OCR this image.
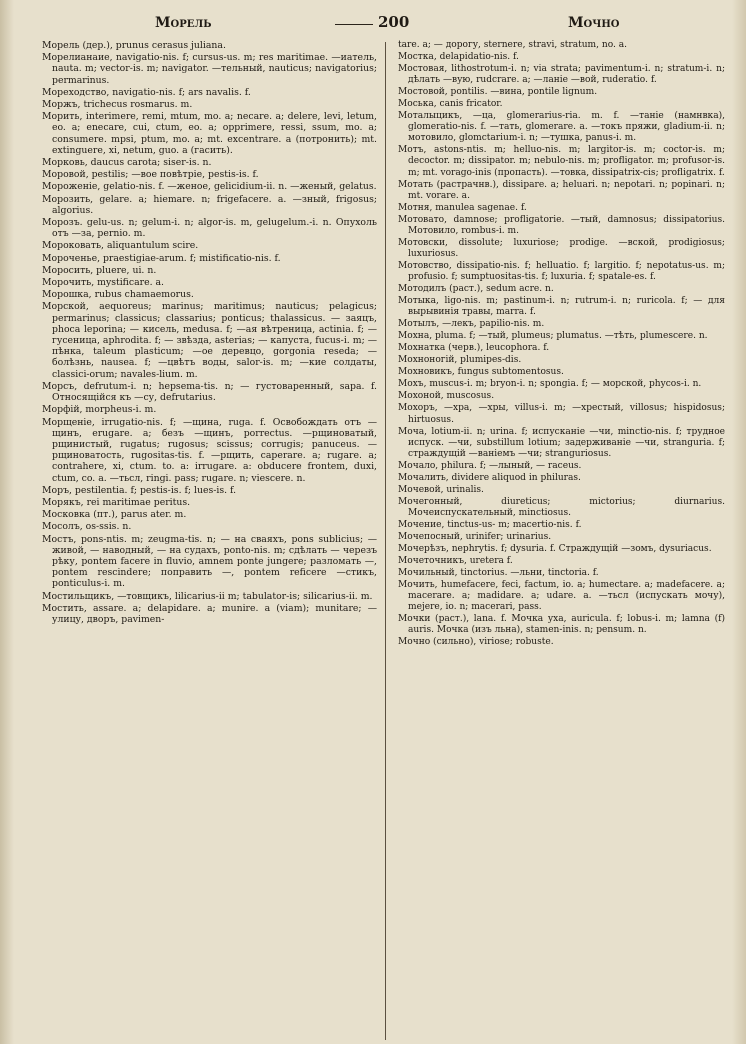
Морель	200	Мочно

Морель (дер.), prunus cerasus juliana.

Морелианаие, navigatio-nis. f; cursus-us. m; res maritimae. —иатель, nauta. m; vector-is. m; navigator. —тельный, nauticus; navigatorius; permarinus.

Мореходство, navigatio-nis. f; ars navalis. f.

Моржъ, trichecus rosmarus. m.

Морить, interimere, remi, mtum, mo. a; necare. a; delere, levi, letum, eo. a; enecare, cui, ctum, eo. a; opprimere, ressi, ssum, mo. a; consumere. mpsi, ptum, mo. a; mt. excentrare. a (потронить); mt. extinguere, xi, netum, guo. a (гасить).

Морковь, daucus carota; siser-is. n.

Моровой, pestilis; —вое повѣтріе, pestis-is. f.

Мороженіе, gelatio-nis. f. —женое, gelicidium-ii. n. —женый, gelatus.

Морозить, gelare. a; hiemare. n; frigefacere. a. —зный, frigosus; algorius.

Морозъ. gelu-us. n; gelum-i. n; algor-is. m, gelugelum.-i. n. Опухоль отъ —за, pernio. m.

Мороковать, aliquantulum scire.

Мороченье, praestigiae-arum. f; mistificatio-nis. f.

Моросить, pluere, ui. n.

Морочить, mystificare. a.

Морошка, rubus chamaemorus.

Морской, aequoreus; marinus; maritimus; nauticus; pelagicus; permarinus; classicus; classarius; ponticus; thalassicus. — заяцъ, phoca leporina; — кисель, medusa. f; —ая вѣтреница, actinia. f; — гусеница, aphrodita. f; — звѣзда, asterias; — капуста, fucus-i. m; — пѣнка, taleum plasticum; —ое деревцо, gorgonia reseda; —болѣзнь, nausea. f; —цвѣтъ воды, salor-is. m; —кие солдаты, classici-orum; navales-lium. m.

Морсъ, defrutum-i. n; hepsema-tis. n; — густоваренный, sapa. f. Относящійся къ —су, defrutarius.

Морфій, morpheus-i. m.

Морщеніе, irrugatio-nis. f; —щина, ruga. f. Освобождать отъ —щинъ, erugare. a; безъ —щинъ, porrectus. —рщиноватый, рщинистый, rugatus; rugosus; scissus; corrugis; panuceus. —рщиноватость, rugositas-tis. f. —рщить, caperare. a; rugare. a; contrahere, xi, ctum. to. a: irrugare. a: obducere frontem, duxi, ctum, co. a. —тьсл, ringi. pass; rugare. n; viescere. n.

Моръ, pestilentia. f; pestis-is. f; lues-is. f.

Морякъ, rei maritimae peritus.

Московка (пт.), parus ater. m.

Мосолъ, os-ssis. n.

Мостъ, pons-ntis. m; zeugma-tis. n; — на сваяхъ, pons sublicius; — живой, — наводный, — на судахъ, ponto-nis. m; сдѣлать — черезъ рѣку, pontem facere in fluvio, amnem ponte jungere; разломать —, pontem rescindere; поправить —, pontem reficere —стикъ, ponticulus-i. m.

Мостильщикъ, —товщикъ, lilicarius-ii m; tabulator-is; silicarius-ii. m.

Мостить, assare. a; delapidare. a; munire. a (viam); munitare; — улицу, дворъ, pavimen-

tare. a; — дорогу, sternere, stravi, stratum, no. a.

Мостка, delapidatio-nis. f.

Мостовая, lithostrotum-i. n; via strata; pavimentum-i. n; stratum-i. n; дѣлать —вую, rudcrare. a; —ланіе —вой, ruderatio. f.

Мостовой, pontilis. —вина, pontile lignum.

Моська, canis fricator.

Моталыцикъ, —ца, glomerarius-ria. m. f. —таніе (намнвка), glomeratio-nis. f. —тать, glomerare. a. —токъ пряжи, gladium-ii. n; мотовило, glomctarium-i. n; —тушка, panus-i. m.

Мотъ, astons-ntis. m; helluo-nis. m; largitor-is. m; coctor-is. m; decoctor. m; dissipator. m; nebulo-nis. m; profligator. m; profusor-is. m; mt. vorago-inis (пропасть). —товка, dissipatrix-cis; profligatrix. f.

Мотать (растрачнв.), dissipare. a; heluari. n; nepotari. n; popinari. n; mt. vorare. a.

Мотня, manulea sagenae. f.

Мотовато, damnose; profligatorie. —тый, damnosus; dissipatorius. Мотовило, rombus-i. m.

Мотовски, dissolute; luxuriose; prodige. —вской, prodigiosus; luxuriosus.

Мотовство, dissipatio-nis. f; helluatio. f; largitio. f; nepotatus-us. m; profusio. f; sumptuositas-tis. f; luxuria. f; spatale-es. f.

Мотодилъ (раст.), sedum acre. n.

Мотыка, ligo-nis. m; pastinum-i. n; rutrum-i. n; ruricola. f; — для вырывинія травы, marra. f.

Мотылъ, —лекъ, papilio-nis. m.

Мохна, pluma. f; —тый, plumeus; plumatus. —тѣть, plumescere. n.

Мохнатка (черв.), leucophora. f.

Мохноногій, plumipes-dis.

Мохновикъ, fungus subtomentosus.

Мохъ, muscus-i. m; bryon-i. n; spongia. f; — морской, phycos-i. n.

Мохоной, muscosus.

Мохоръ, —хра, —хры, villus-i. m; —хрестый, villosus; hispidosus; hirtuosus.

Моча, lotium-ii. n; urina. f; испусканіе —чи, minctio-nis. f; трудное испуск. —чи, substillum lotium; задерживаніе —чи, stranguria. f; страждущій —ваніемъ —чи; stranguriosus.

Мочало, philura. f; —лыный, — raceus.

Мочалить, dividere aliquod in philuras.

Мочевой, urinalis.

Мочегонный, diureticus; mictorius; diurnarius. Мочеиспускательный, minctiosus.

Мочение, tinctus-us- m; macertio-nis. f.

Мочепосный, urinifer; urinarius.

Мочерѣзъ, nephrytis. f; dysuria. f. Страждущій —зомъ, dysuriacus.

Мочеточникъ, uretera f.

Мочильный, tinctorius. —льни, tinctoria. f.

Мочить, humefacere, feci, factum, io. a; humectare. a; madefacere. a; macerare. a; madidare. a; udare. a. —тьсл (испускать мочу), mejere, io. n; macerari, pass.

Мочки (раст.), lana. f. Мочка уха, auricula. f; lobus-i. m; lamna (f) auris. Мочка (изъ льна), stamen-inis. n; pensum. n.

Мочно (сильно), viriose; robuste.
